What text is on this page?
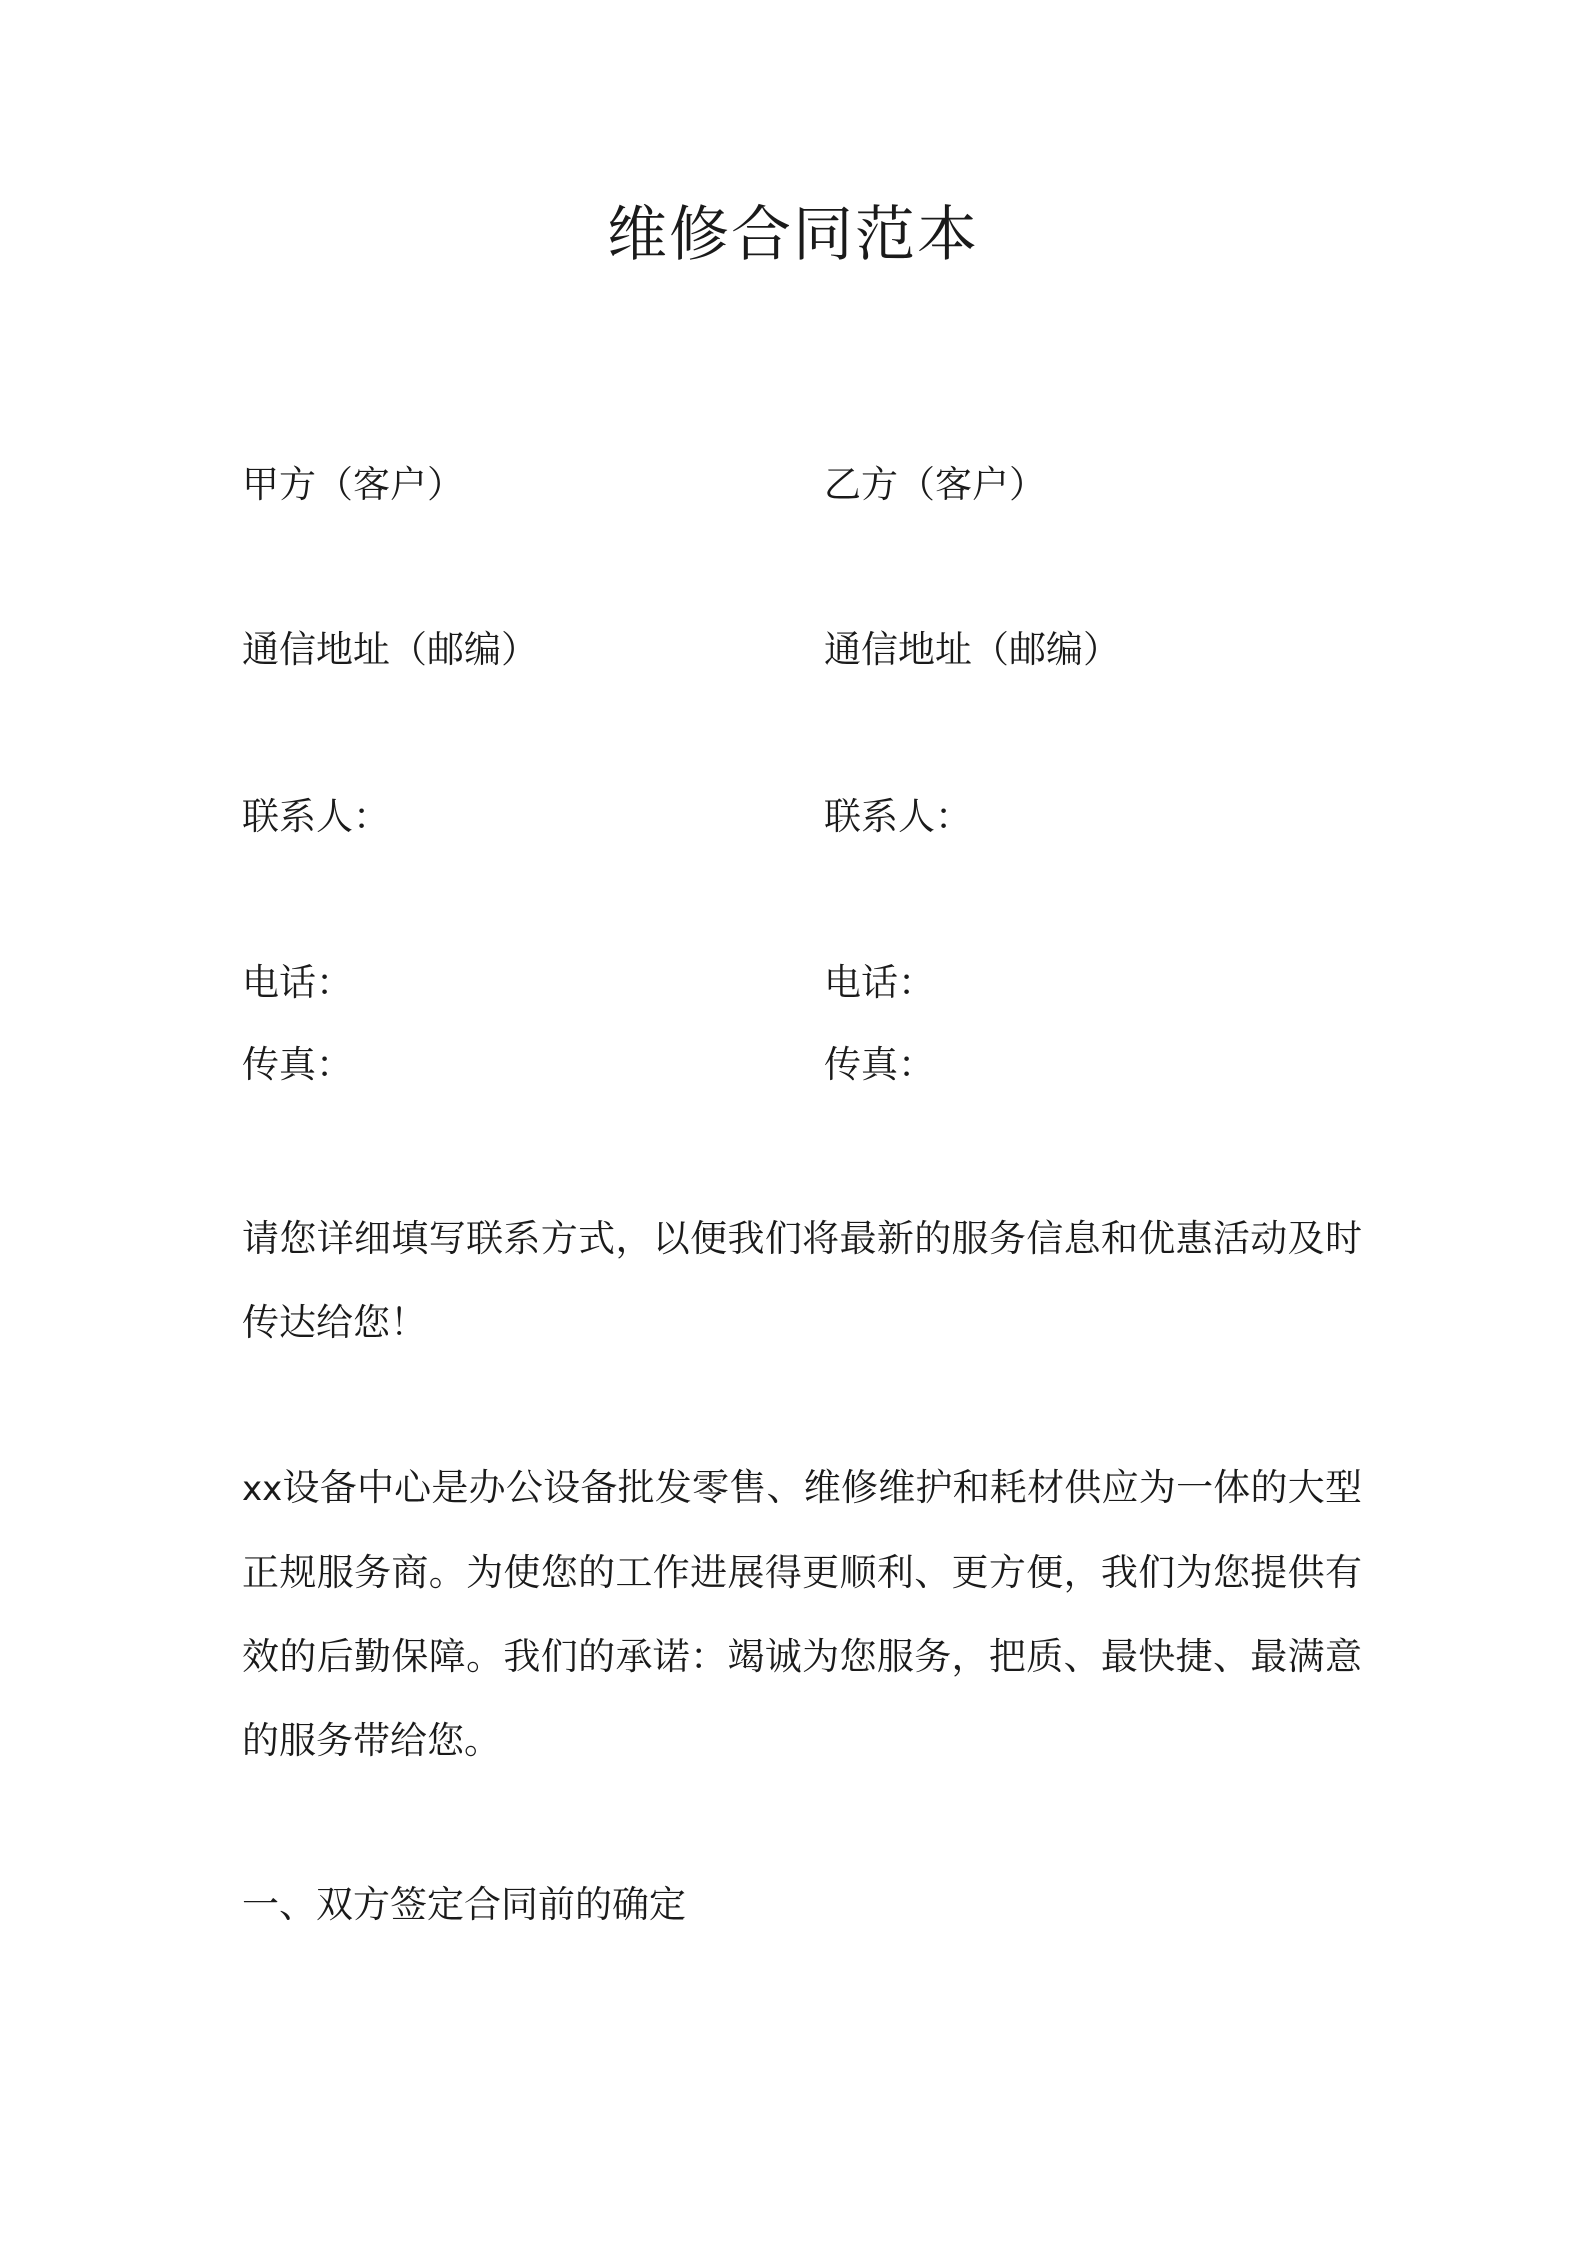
维修合同范本
甲方（客户）
通信地址（邮编）
联系人：
电话：
传真：
乙方（客户）
通信地址（邮编）
联系人：
电话：
传真：
请您详细填写联系方式，以便我们将最新的服务信息和优惠活动及时传达给您！
xx设备中心是办公设备批发零售、维修维护和耗材供应为一体的大型正规服务商。为使您的工作进展得更顺利、更方便，我们为您提供有效的后勤保障。我们的承诺：竭诚为您服务，把质、最快捷、最满意的服务带给您。
一、双方签定合同前的确定
